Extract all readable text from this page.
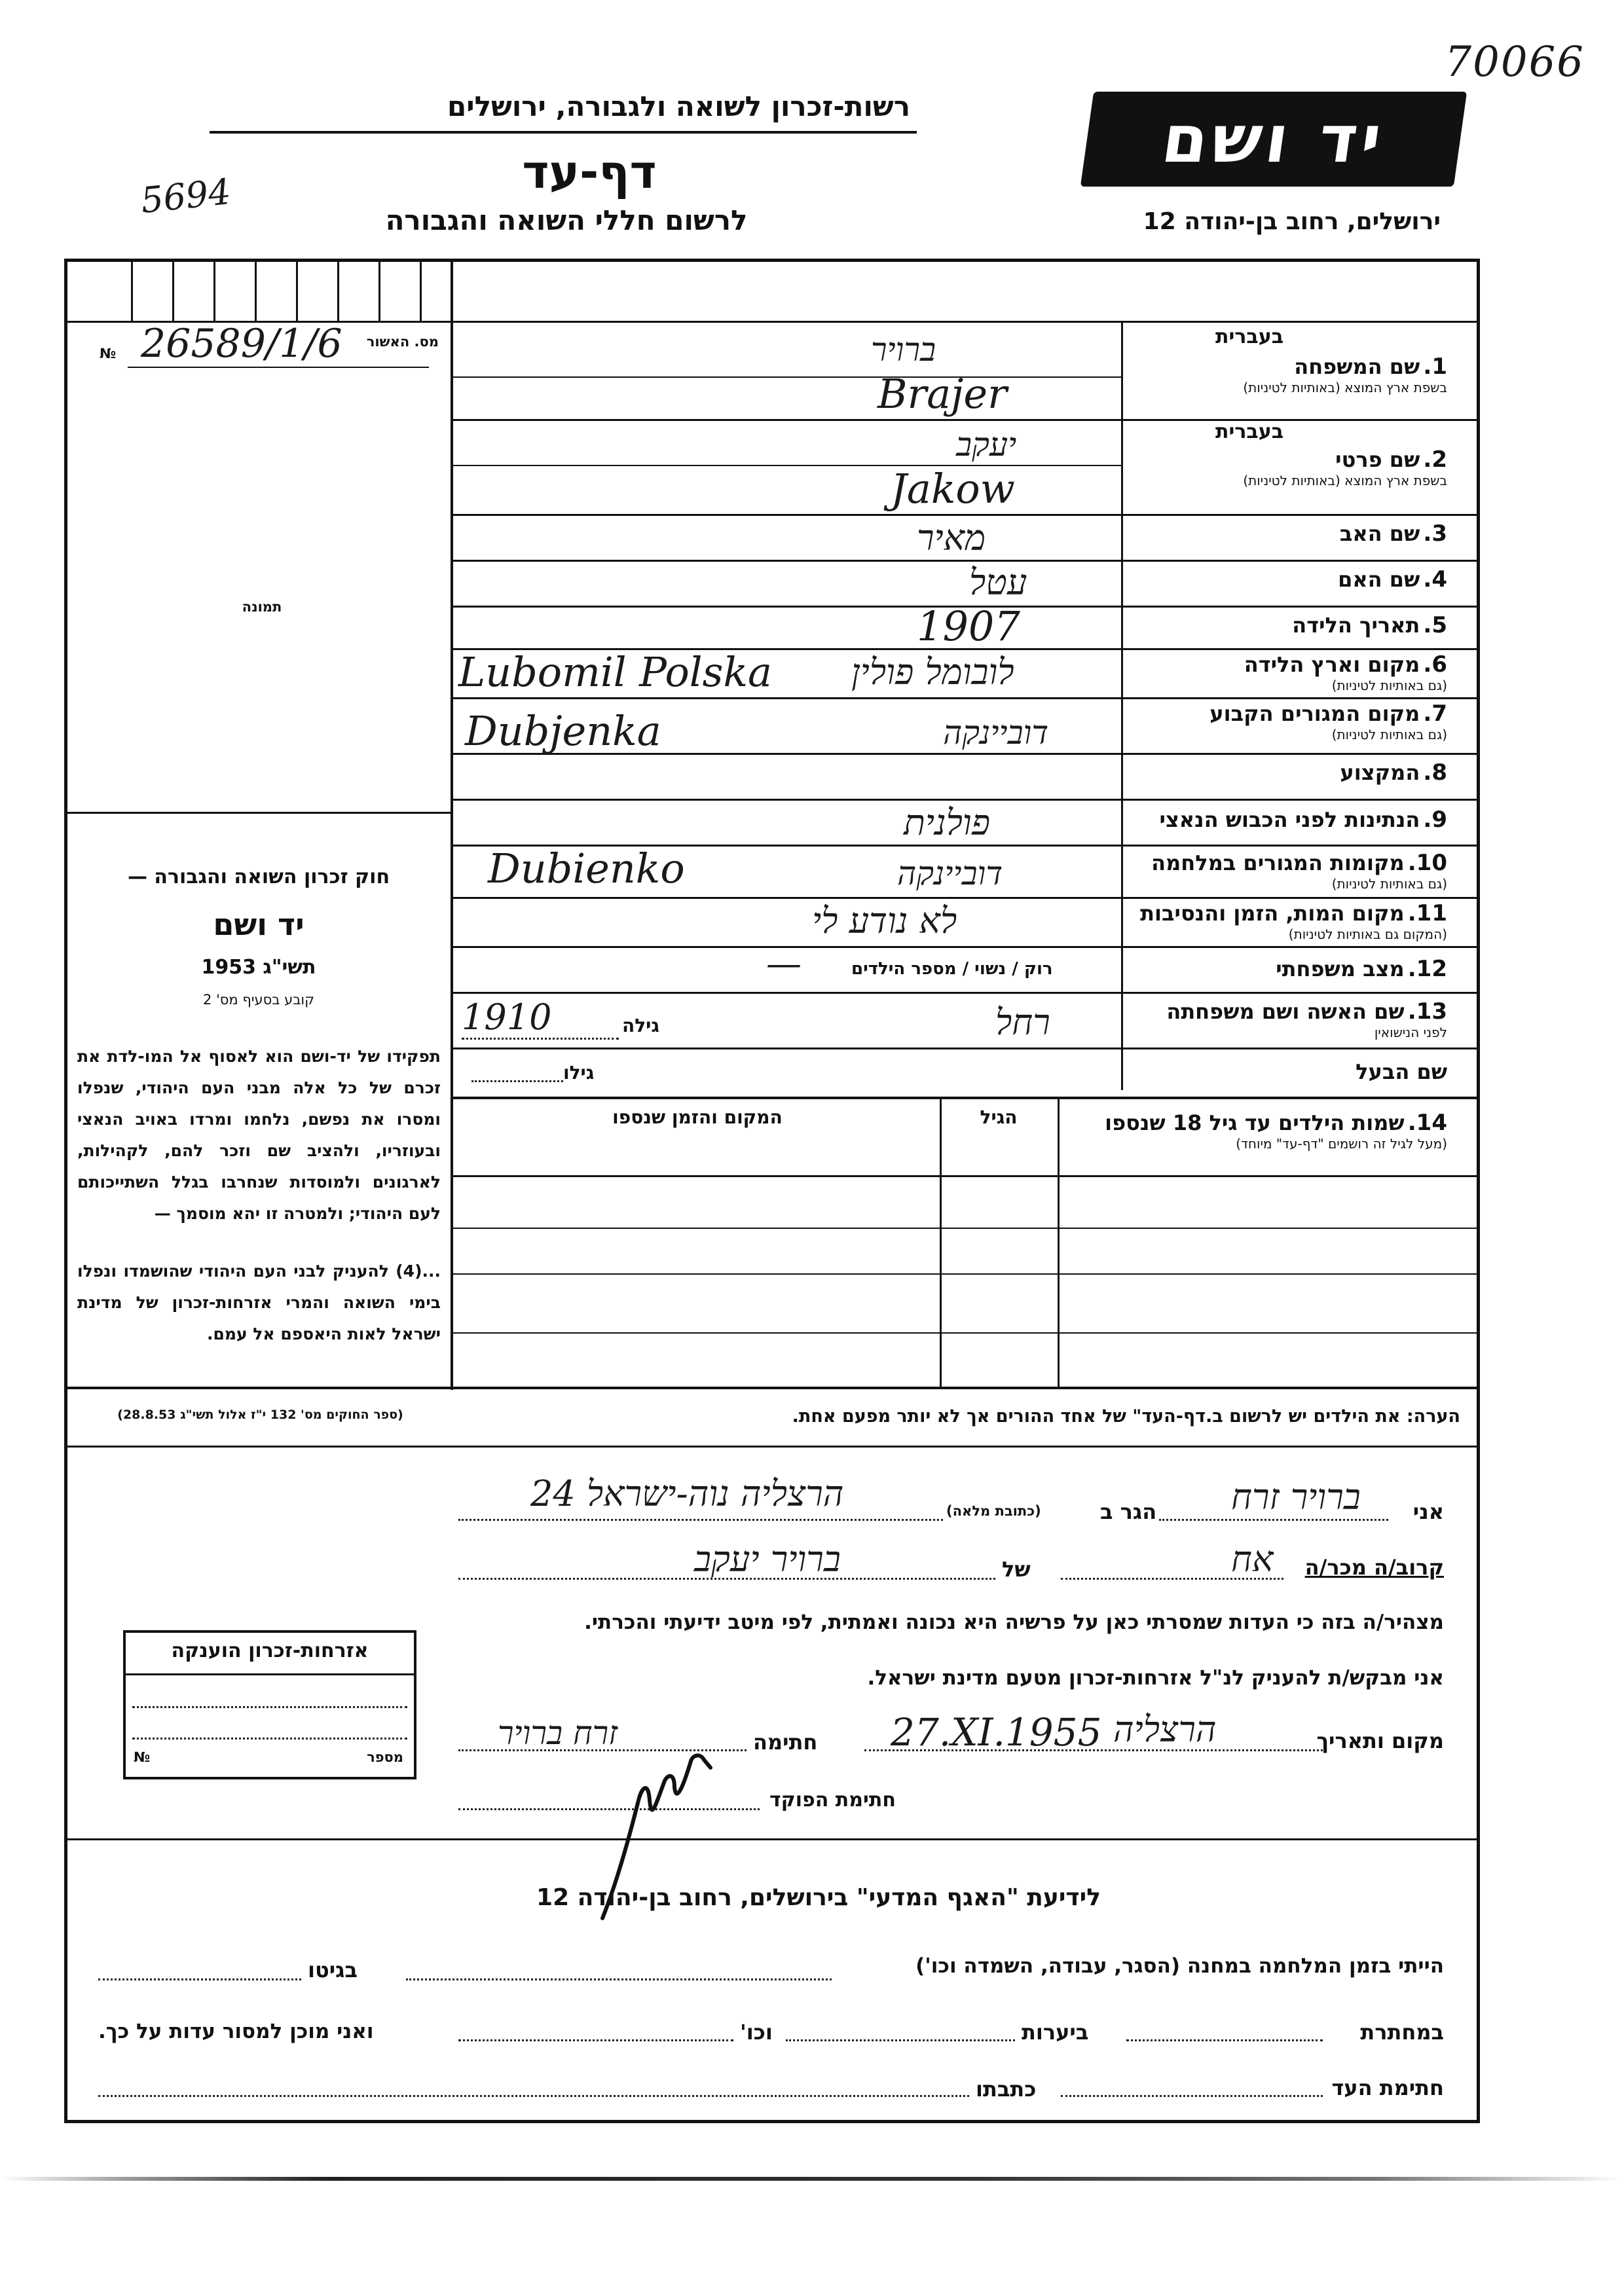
70066
5694
רשות-זכרון לשואה ולגבורה, ירושלים
דף-עד
לרשום חללי השואה והגבורה
יד ושם
ירושלים, רחוב בן-יהודה 12
מס. האשור
№ 26589/1/6
תמונה
חוק זכרון השואה והגבורה —
יד ושם
תשי"ג 1953
קובע בסעיף מס' 2
תפקידו של יד-ושם הוא לאסוף אל המו-לדת את זכרם של כל אלה מבני העם היהודי, שנפלו ומסרו את נפשם, נלחמו ומרדו באויב הנאצי ובעוזריו, ולהציב שם וזכר להם, לקהילות, לארגונים ולמוסדות שנחרבו בגלל השתייכותם לעם היהודי; ולמטרה זו יהא מוסמך —
...(4) להעניק לבני העם היהודי שהושמדו ונפלו בימי השואה והמרי אזרחות-זכרון של מדינת ישראל לאות היאספם אל עמם.
(ספר החוקים מס' 132 י"ז אלול תשי"ג 28.8.53)
בעברית
1. שם המשפחה
בשפת ארץ המוצא (באותיות לטיניות)
ברויר
Brajer
בעברית
2. שם פרטי
בשפת ארץ המוצא (באותיות לטיניות)
יעקב
Jakow
3. שם האב
מאיר
4. שם האם
עטל
5. תאריך הלידה
1907
6. מקום וארץ הלידה
(גם באותיות לטיניות)
Lubomil Polska לובומל פולין
7. מקום המגורים הקבוע
(גם באותיות לטיניות)
Dubjenka	דוביינקה
8. המקצוע
9. הנתינות לפני הכבוש הנאצי
פולנית
10. מקומות המגורים במלחמה
(גם באותיות לטיניות)
Dubienko	דוביינקה
11. מקום המות, הזמן והנסיבות
(המקום גם באותיות לטיניות)
לא נודע לי
12. מצב משפחתי
רוק / נשוי / מספר הילדים
—
13. שם האשה ושם משפחתה
לפני הנישואין
רחל
גילה
1910
שם הבעל
גילו
14. שמות הילדים עד גיל 18 שנספו
(מעל לגיל זה רושמים "דף-עד" מיוחד)
הגיל
המקום והזמן שנספו
הערה: את הילדים יש לרשום ב.דף-העד" של אחד ההורים אך לא יותר מפעם אחת.
אני
ברויר זרח
הגר ב
(כתובת מלאה)
הרצליה נוה-ישראל 24
קרוב/ה מכר/ה
אח
של
ברויר יעקב
מצהיר/ה בזה כי העדות שמסרתי כאן על פרשיה היא נכונה ואמתית, לפי מיטב ידיעתי והכרתי.
אני מבקש/ת להעניק לנ"ל אזרחות-זכרון מטעם מדינת ישראל.
מקום ותאריך
הרצליה
27.XI.1955
חתימה
זרח ברויר
חתימת הפוקד
אזרחות-זכרון הוענקה
№	מספר
לידיעת "האגף המדעי" בירושלים, רחוב בן-יהודה 12
הייתי בזמן המלחמה במחנה (הסגר, עבודה, השמדה וכו')
בגיטו
במחתרת
ביערות
וכו'
ואני מוכן למסור עדות על כך.
חתימת העד
כתבתו
